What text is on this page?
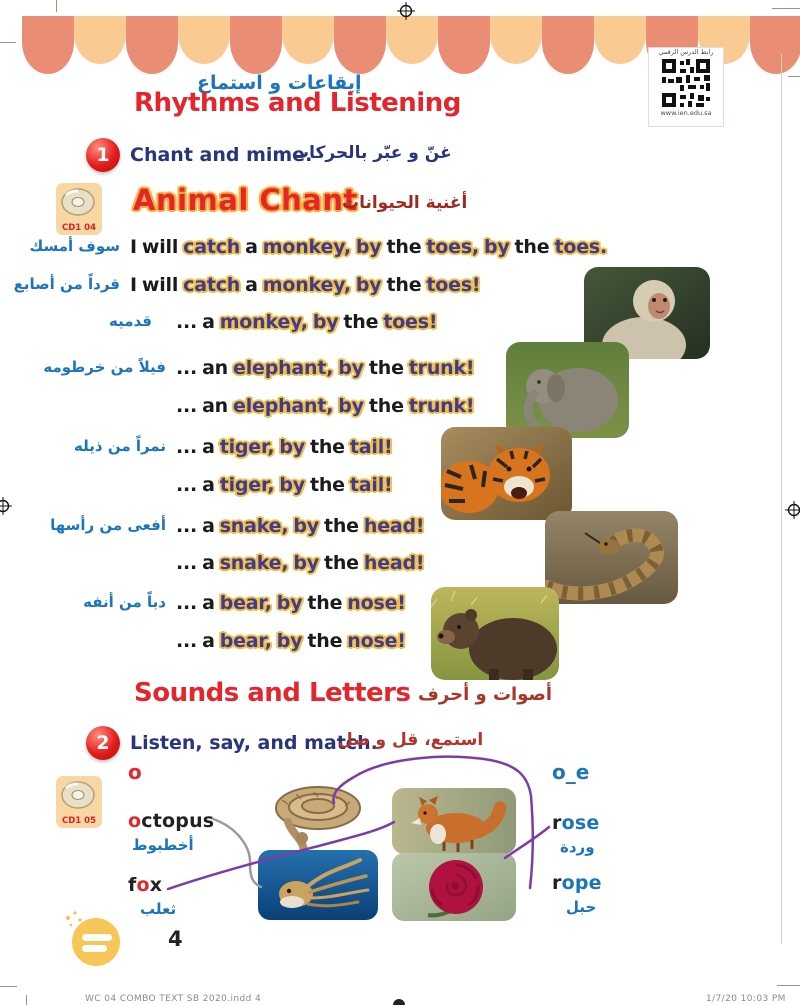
رابط الدرس الرقمي
www.ien.edu.sa
إيقاعات و استماع
Rhythms and Listening
1	Chant and mime.
غنّ و عبّر بالحركات
CD1 04
Animal Chant
أغنية الحيوانات
سوف أمسك I will catch a monkey, by the toes, by the toes.
قرداً من أصابع I will catch a monkey, by the toes!
قدميه ... a monkey, by the toes!
فيلاً من خرطومه ... an elephant, by the trunk!
... an elephant, by the trunk!
نمراً من ذيله ... a tiger, by the tail!
... a tiger, by the tail!
أفعى من رأسها ... a snake, by the head!
... a snake, by the head!
دباً من أنفه ... a bear, by the nose!
... a bear, by the nose!
Sounds and Letters أصوات و أحرف
2	Listen, say, and match.
استمع، قل و صل
CD1 05
o
octopus
أخطبوط
fox
ثعلب
o_e
rose
وردة
rope
حبل
4
WC 04 COMBO TEXT SB 2020.indd 4	1/7/20 10:03 PM
